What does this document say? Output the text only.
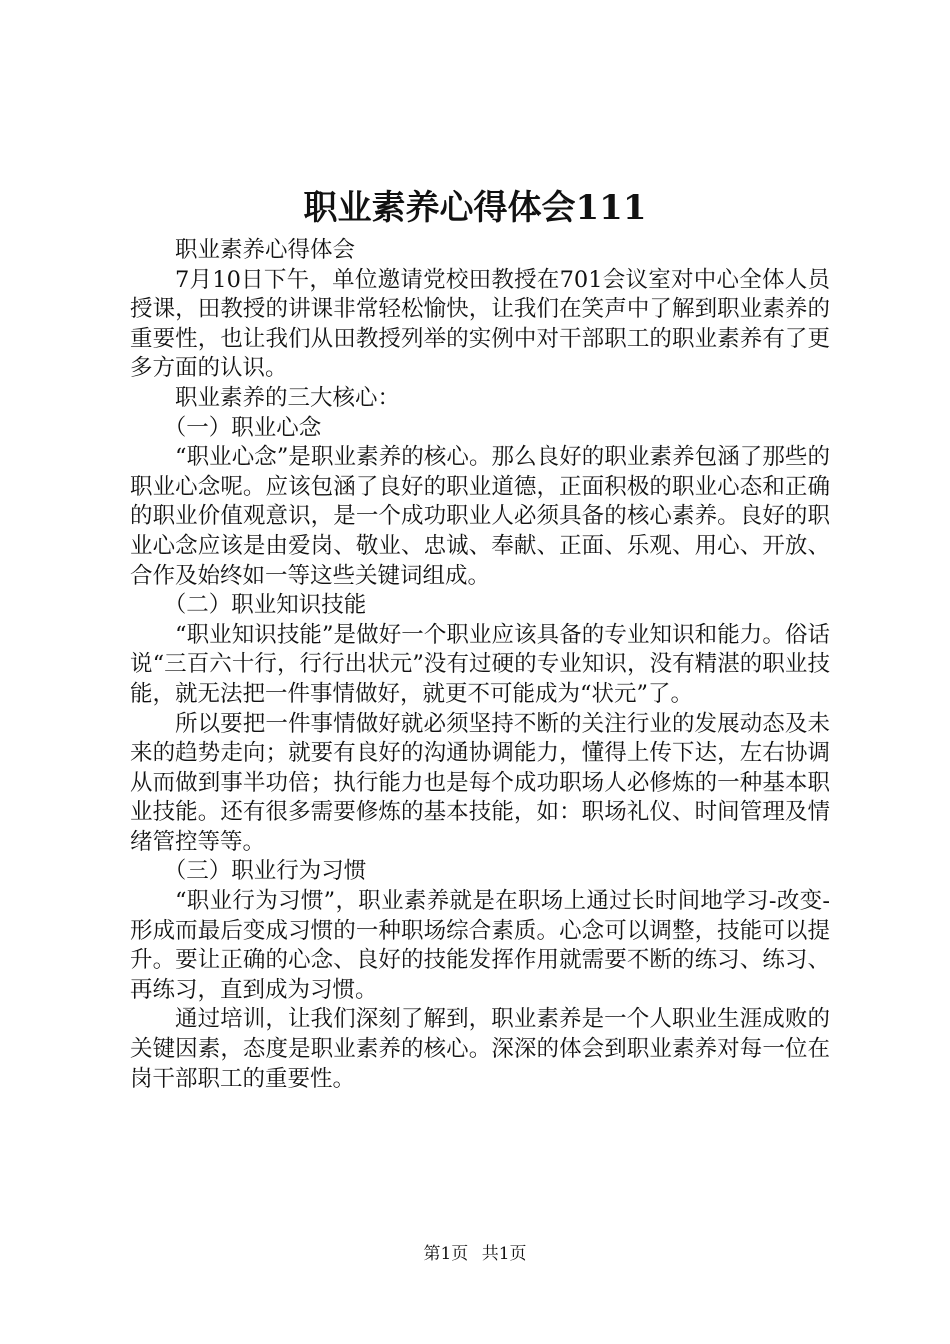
职业素养心得体会111

职业素养心得体会

7月10日下午，单位邀请党校田教授在701会议室对中心全体人员授课，田教授的讲课非常轻松愉快，让我们在笑声中了解到职业素养的重要性，也让我们从田教授列举的实例中对干部职工的职业素养有了更多方面的认识。

职业素养的三大核心：

（一）职业心念

“职业心念”是职业素养的核心。那么良好的职业素养包涵了那些的职业心念呢。应该包涵了良好的职业道德，正面积极的职业心态和正确的职业价值观意识，是一个成功职业人必须具备的核心素养。良好的职业心念应该是由爱岗、敬业、忠诚、奉献、正面、乐观、用心、开放、合作及始终如一等这些关键词组成。

（二）职业知识技能

“职业知识技能”是做好一个职业应该具备的专业知识和能力。俗话说“三百六十行，行行出状元”没有过硬的专业知识，没有精湛的职业技能，就无法把一件事情做好，就更不可能成为“状元”了。

所以要把一件事情做好就必须坚持不断的关注行业的发展动态及未来的趋势走向；就要有良好的沟通协调能力，懂得上传下达，左右协调从而做到事半功倍；执行能力也是每个成功职场人必修炼的一种基本职业技能。还有很多需要修炼的基本技能，如：职场礼仪、时间管理及情绪管控等等。

（三）职业行为习惯

“职业行为习惯”，职业素养就是在职场上通过长时间地学习-改变-形成而最后变成习惯的一种职场综合素质。心念可以调整，技能可以提升。要让正确的心念、良好的技能发挥作用就需要不断的练习、练习、再练习，直到成为习惯。

通过培训，让我们深刻了解到，职业素养是一个人职业生涯成败的关键因素，态度是职业素养的核心。深深的体会到职业素养对每一位在岗干部职工的重要性。

第1页 共1页
